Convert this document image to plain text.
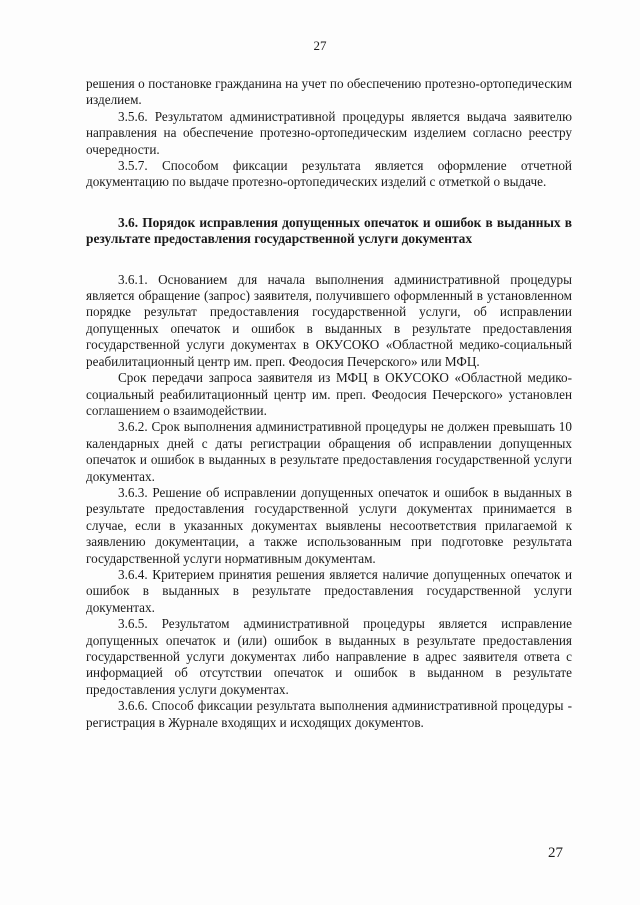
27

решения о постановке гражданина на учет по обеспечению протезно-ортопедическим изделием.

3.5.6. Результатом административной процедуры является выдача заявителю направления на обеспечение протезно-ортопедическим изделием согласно реестру очередности.

3.5.7. Способом фиксации результата является оформление отчетной документацию по выдаче протезно-ортопедических изделий с отметкой о выдаче.

3.6. Порядок исправления допущенных опечаток и ошибок в выданных в результате предоставления государственной услуги документах

3.6.1. Основанием для начала выполнения административной процедуры является обращение (запрос) заявителя, получившего оформленный в установленном порядке результат предоставления государственной услуги, об исправлении допущенных опечаток и ошибок в выданных в результате предоставления государственной услуги документах в ОКУСОКО «Областной медико-социальный реабилитационный центр им. преп. Феодосия Печерского» или МФЦ.

Срок передачи запроса заявителя из МФЦ в ОКУСОКО «Областной медико-социальный реабилитационный центр им. преп. Феодосия Печерского» установлен соглашением о взаимодействии.

3.6.2. Срок выполнения административной процедуры не должен превышать 10 календарных дней с даты регистрации обращения об исправлении допущенных опечаток и ошибок в выданных в результате предоставления государственной услуги документах.

3.6.3. Решение об исправлении допущенных опечаток и ошибок в выданных в результате предоставления государственной услуги документах принимается в случае, если в указанных документах выявлены несоответствия прилагаемой к заявлению документации, а также использованным при подготовке результата государственной услуги нормативным документам.

3.6.4. Критерием принятия решения является наличие допущенных опечаток и ошибок в выданных в результате предоставления государственной услуги документах.

3.6.5. Результатом административной процедуры является исправление допущенных опечаток и (или) ошибок в выданных в результате предоставления государственной услуги документах либо направление в адрес заявителя ответа с информацией об отсутствии опечаток и ошибок в выданном в результате предоставления услуги документах.

3.6.6. Способ фиксации результата выполнения административной процедуры - регистрация в Журнале входящих и исходящих документов.

27
